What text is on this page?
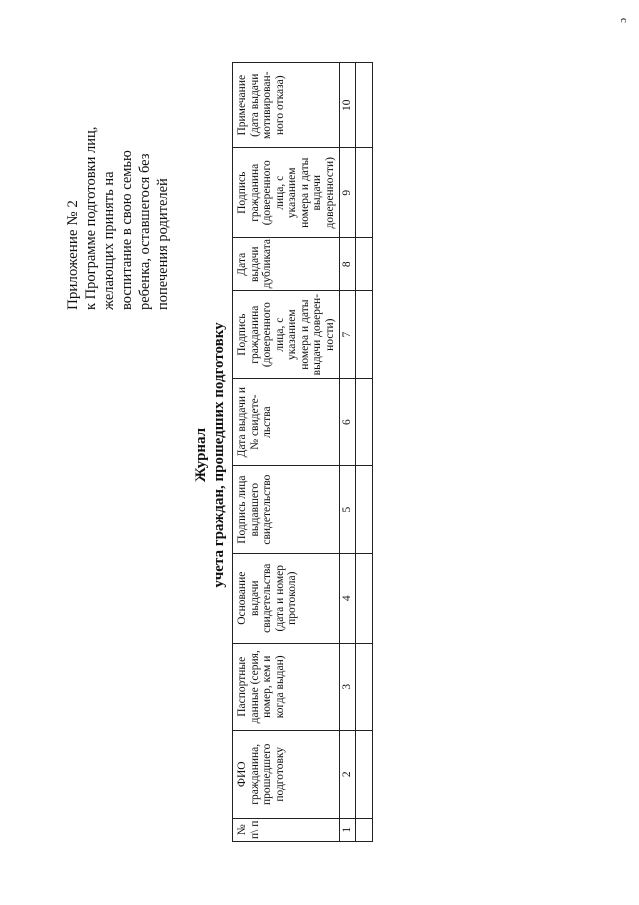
c
Приложение № 2 к Программе подготовки лиц, желающих принять на воспитание в свою семью ребенка, оставшегося без попечения родителей
Журнал учета граждан, прошедших подготовку
№ п\ п	ФИО гражданина, прошедшего подготовку	Паспортные данные (серия, номер, кем и когда выдан)	Основание выдачи свидетельства (дата и номер протокола)	Подпись лица выдавшего свидетельство	Дата выдачи и № свидете-льства	Подпись гражданина (доверенного лица, с указанием номера и даты выдачи доверен-ности)	Дата выдачи дубликата	Подпись гражданина (доверенного лица, с указанием номера и даты выдачи доверенности)	Примечание (дата выдачи мотивирован-ного отказа)
1	2	3	4	5	6	7	8	9	10
